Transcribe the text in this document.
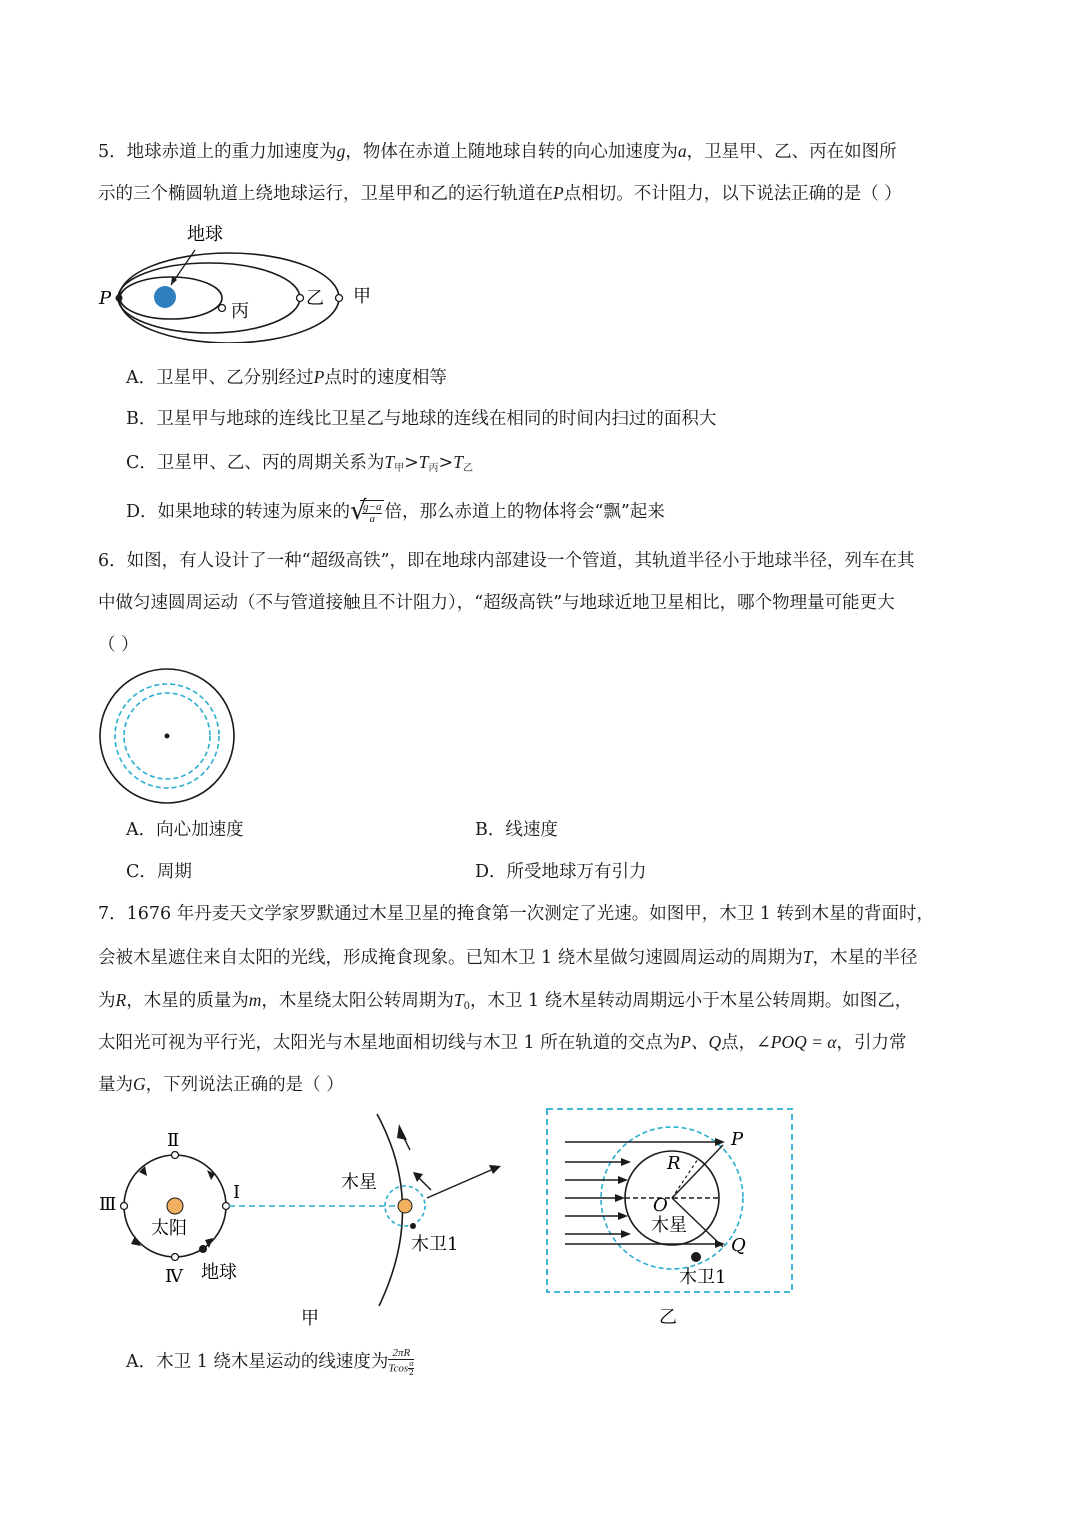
5．地球赤道上的重力加速度为g，物体在赤道上随地球自转的向心加速度为a，卫星甲、乙、丙在如图所
示的三个椭圆轨道上绕地球运行，卫星甲和乙的运行轨道在P点相切。不计阻力，以下说法正确的是（ ）
地球
P
丙
乙 甲
A．卫星甲、乙分别经过P点时的速度相等
B．卫星甲与地球的连线比卫星乙与地球的连线在相同的时间内扫过的面积大
C．卫星甲、乙、丙的周期关系为$T_甲>T_丙>T_乙$
D．如果地球的转速为原来的 √
$\frac{g-a}{a}$ 倍，那么赤道上的物体将会“飘”起来
6．如图，有人设计了一种“超级高铁”，即在地球内部建设一个管道，其轨道半径小于地球半径，列车在其
中做匀速圆周运动（不与管道接触且不计阻力），“超级高铁”与地球近地卫星相比，哪个物理量可能更大
（ ）
A．向心加速度	B．线速度
C．周期	D．所受地球万有引力
7．1676 年丹麦天文学家罗默通过木星卫星的掩食第一次测定了光速。如图甲，木卫 1 转到木星的背面时，
会被木星遮住来自太阳的光线，形成掩食现象。已知木卫 1 绕木星做匀速圆周运动的周期为T，木星的半径
为R，木星的质量为m，木星绕太阳公转周期为$T_0$，木卫 1 绕木星转动周期远小于木星公转周期。如图乙，
太阳光可视为平行光，太阳光与木星地面相切线与木卫 1 所在轨道的交点为P、Q点，∠POQ = α，引力常
量为G，下列说法正确的是（ ）
Ⅱ
Ⅰ
Ⅲ
Ⅳ
太阳
地球
木星
木卫1
甲
P
R
O
木星
Q
木卫1
乙
A．木卫 1 绕木星运动的线速度为 $\frac{2\pi R}{Tcos \frac{\alpha}{2}}$
